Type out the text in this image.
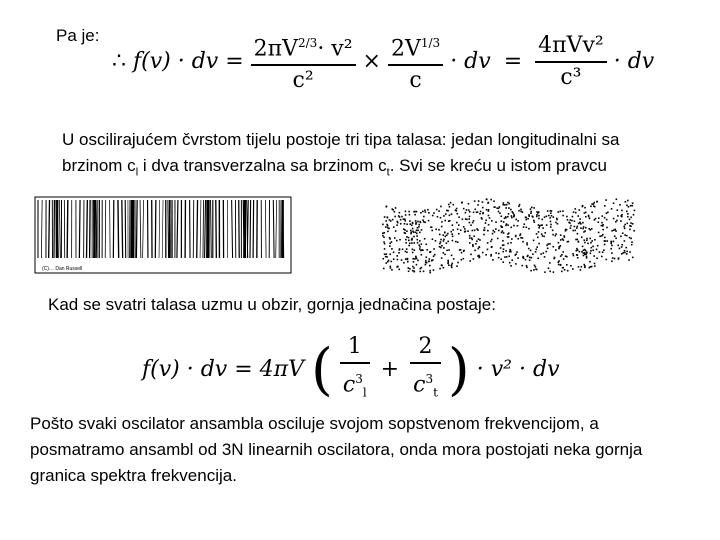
Pa je:

∴ f(v) · dv = $\frac{2\pi V^{2/3}\cdot v^2}{\text{c²}} \times \frac{2V^{1/3}}{c}$ · dv = $\frac{\text{4πVv²}}{\text{c³}}$ · dv

U oscilirajućem čvrstom tijelu postoje tri tipa talasa: jedan longitudinalni sa

brzinom $c_l$ i dva transverzalna sa brzinom $c_t$. Svi se kreću u istom pravcu

(C)… Dan Russell

Kad se svatri talasa uzmu u obzir, gornja jednačina postaje:

f(v) · dv = 4πV ( $\frac{1}{c^3_l} + \frac{2}{c^3_t}$ ) · v² · dv

Pošto svaki oscilator ansambla osciluje svojom sopstvenom frekvencijom, a

posmatramo ansambl od 3N linearnih oscilatora, onda mora postojati neka gornja

granica spektra frekvencija.
